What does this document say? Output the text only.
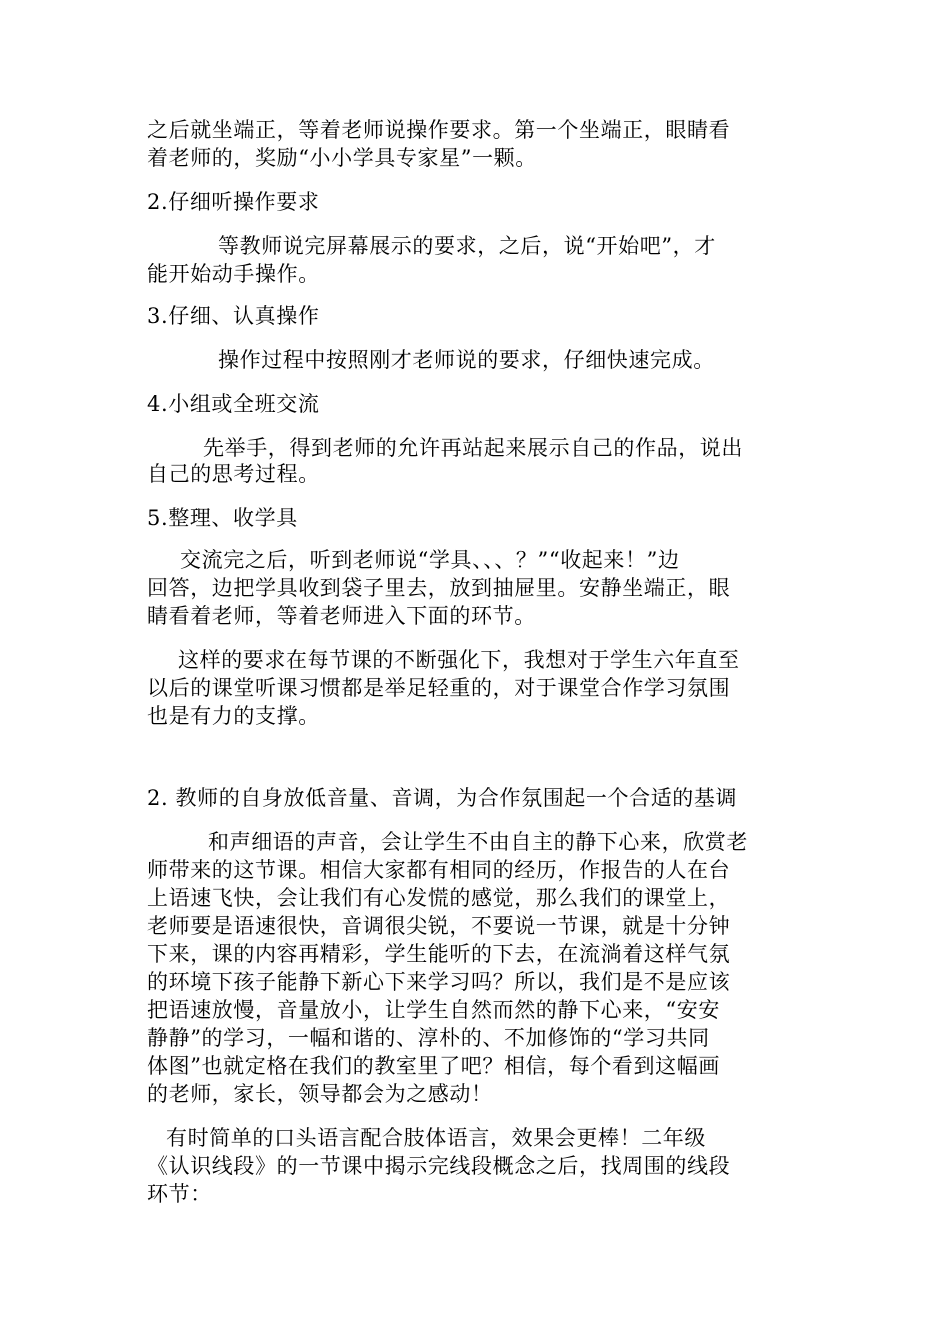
之后就坐端正，等着老师说操作要求。第一个坐端正，眼睛看
着老师的，奖励“小小学具专家星”一颗。
2.仔细听操作要求
等教师说完屏幕展示的要求，之后，说“开始吧”，才
能开始动手操作。
3.仔细、认真操作
操作过程中按照刚才老师说的要求，仔细快速完成。
4.小组或全班交流
先举手，得到老师的允许再站起来展示自己的作品，说出
自己的思考过程。
5.整理、收学具
交流完之后，听到老师说“学具、、、？”“收起来！”边
回答，边把学具收到袋子里去，放到抽屉里。安静坐端正，眼
睛看着老师，等着老师进入下面的环节。
这样的要求在每节课的不断强化下，我想对于学生六年直至
以后的课堂听课习惯都是举足轻重的，对于课堂合作学习氛围
也是有力的支撑。
2. 教师的自身放低音量、音调，为合作氛围起一个合适的基调
和声细语的声音，会让学生不由自主的静下心来，欣赏老
师带来的这节课。相信大家都有相同的经历，作报告的人在台
上语速飞快，会让我们有心发慌的感觉，那么我们的课堂上，
老师要是语速很快，音调很尖锐，不要说一节课，就是十分钟
下来，课的内容再精彩，学生能听的下去，在流淌着这样气氛
的环境下孩子能静下新心下来学习吗？所以，我们是不是应该
把语速放慢，音量放小，让学生自然而然的静下心来，“安安
静静”的学习，一幅和谐的、淳朴的、不加修饰的“学习共同
体图”也就定格在我们的教室里了吧？相信，每个看到这幅画
的老师，家长，领导都会为之感动！
有时简单的口头语言配合肢体语言，效果会更棒！二年级
《认识线段》的一节课中揭示完线段概念之后，找周围的线段
环节：
